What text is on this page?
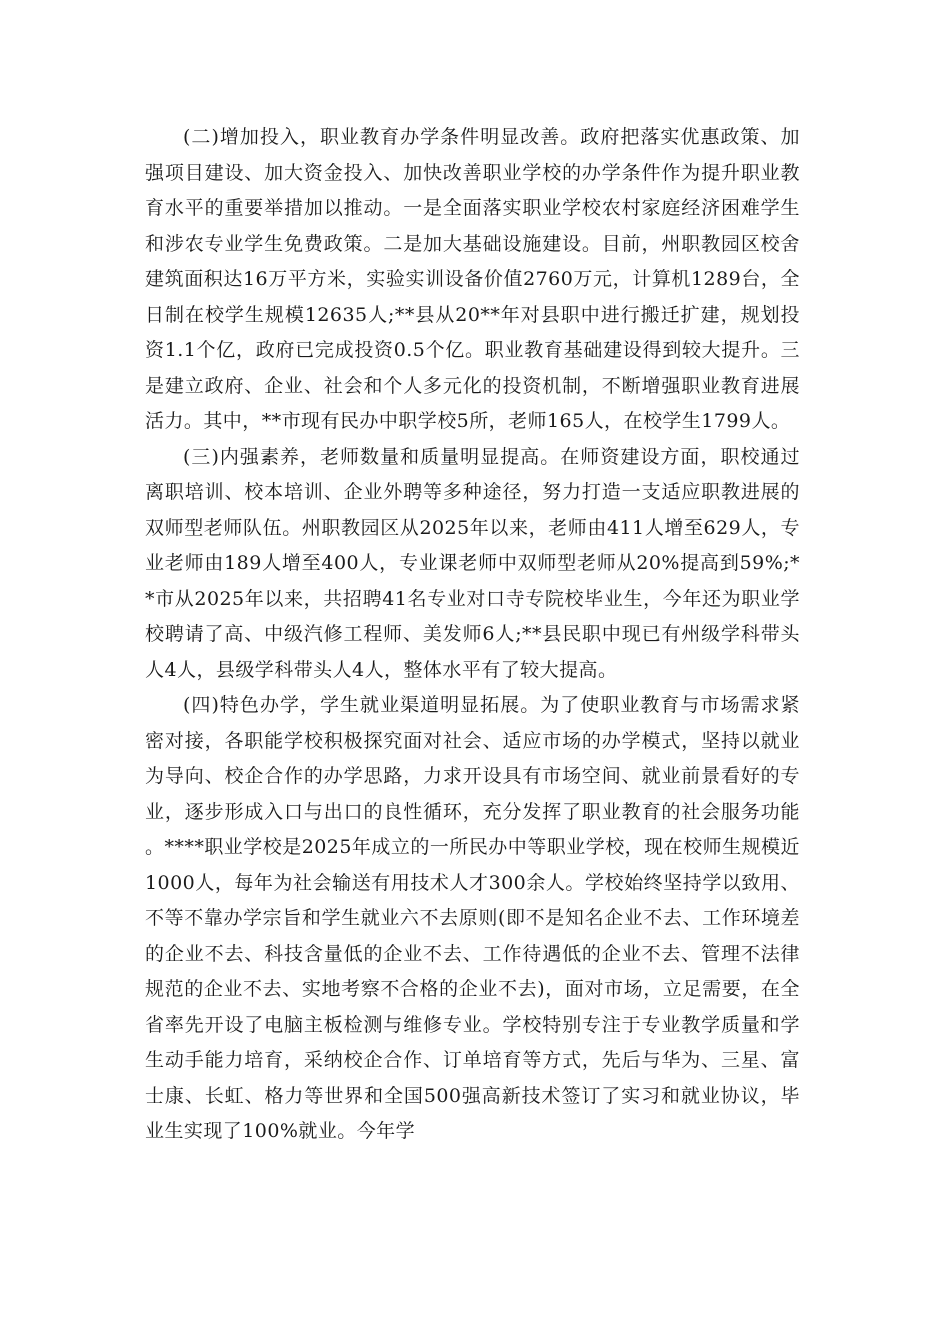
(二)增加投入，职业教育办学条件明显改善。政府把落实优惠政策、加强项目建设、加大资金投入、加快改善职业学校的办学条件作为提升职业教育水平的重要举措加以推动。一是全面落实职业学校农村家庭经济困难学生和涉农专业学生免费政策。二是加大基础设施建设。目前，州职教园区校舍建筑面积达16万平方米，实验实训设备价值2760万元，计算机1289台，全日制在校学生规模12635人;**县从20**年对县职中进行搬迁扩建，规划投资1.1个亿，政府已完成投资0.5个亿。职业教育基础建设得到较大提升。三是建立政府、企业、社会和个人多元化的投资机制，不断增强职业教育进展活力。其中，**市现有民办中职学校5所，老师165人，在校学生1799人。

(三)内强素养，老师数量和质量明显提高。在师资建设方面，职校通过离职培训、校本培训、企业外聘等多种途径，努力打造一支适应职教进展的双师型老师队伍。州职教园区从2025年以来，老师由411人增至629人，专业老师由189人增至400人，专业课老师中双师型老师从20%提高到59%;**市从2025年以来，共招聘41名专业对口寺专院校毕业生，今年还为职业学校聘请了高、中级汽修工程师、美发师6人;**县民职中现已有州级学科带头人4人，县级学科带头人4人，整体水平有了较大提高。

(四)特色办学，学生就业渠道明显拓展。为了使职业教育与市场需求紧密对接，各职能学校积极探究面对社会、适应市场的办学模式，坚持以就业为导向、校企合作的办学思路，力求开设具有市场空间、就业前景看好的专业，逐步形成入口与出口的良性循环，充分发挥了职业教育的社会服务功能。****职业学校是2025年成立的一所民办中等职业学校，现在校师生规模近1000人，每年为社会输送有用技术人才300余人。学校始终坚持学以致用、不等不靠办学宗旨和学生就业六不去原则(即不是知名企业不去、工作环境差的企业不去、科技含量低的企业不去、工作待遇低的企业不去、管理不法律规范的企业不去、实地考察不合格的企业不去)，面对市场，立足需要，在全省率先开设了电脑主板检测与维修专业。学校特别专注于专业教学质量和学生动手能力培育，采纳校企合作、订单培育等方式，先后与华为、三星、富士康、长虹、格力等世界和全国500强高新技术签订了实习和就业协议，毕业生实现了100%就业。今年学
